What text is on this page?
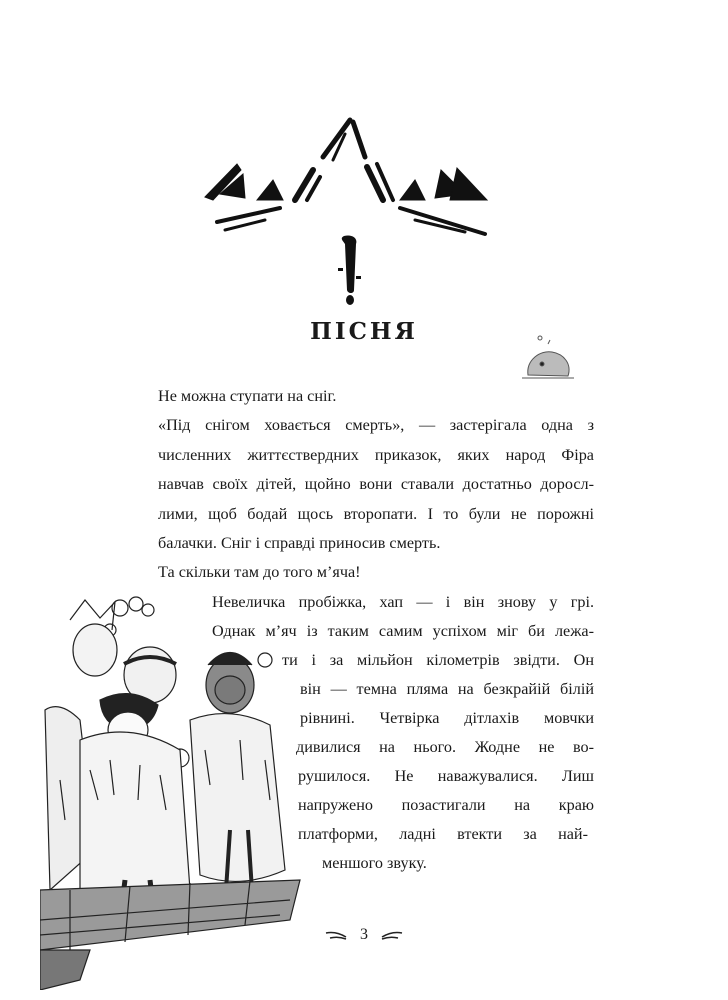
ПІСНЯ

Не можна ступати на сніг.

«Під снігом ховається смерть», — застерігала одна з

численних життєствердних приказок, яких народ Фіра

навчав своїх дітей, щойно вони ставали достатньо доросл-

лими, щоб бодай щось второпати. І то були не порожні

балачки. Сніг і справді приносив смерть.

Та скільки там до того м’яча!

Невеличка пробіжка, хап — і він знову у грі.
Однак м’яч із таким самим успіхом міг би лежа-
ти і за мільйон кілометрів звідти. Он
він — темна пляма на безкрайій білій
рівнині. Четвірка дітлахів мовчки
дивилися на нього. Жодне не во-
рушилося. Не наважувалися. Лиш
напружено позастигали на краю
платформи, ладні втекти за най-
меншого звуку.
3
